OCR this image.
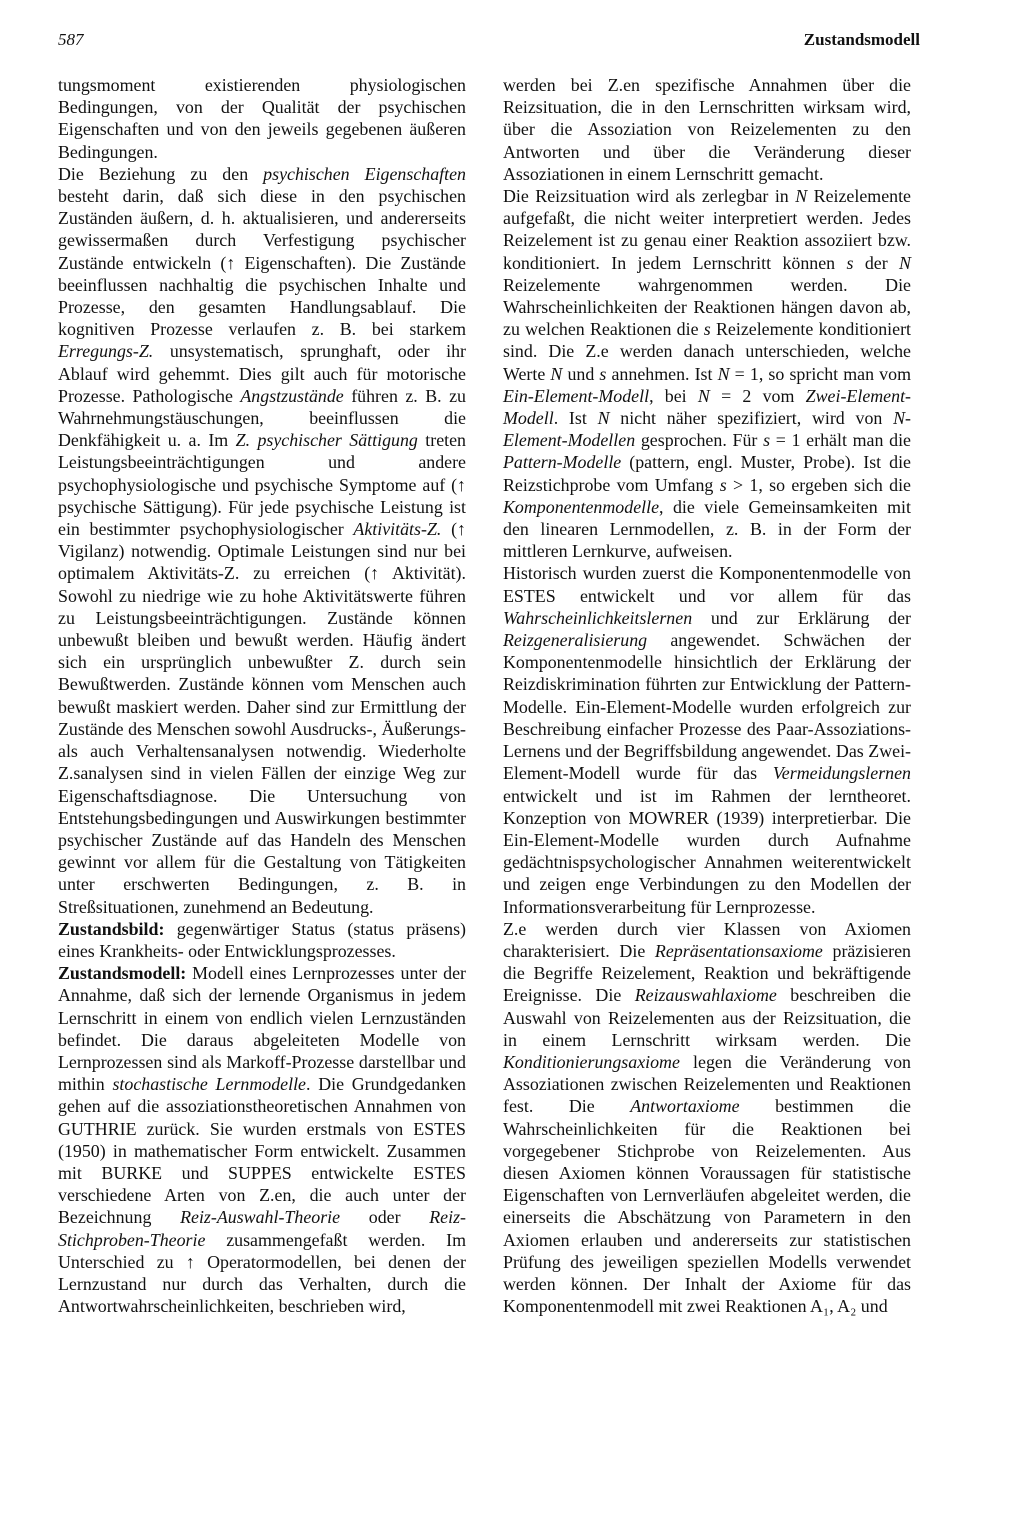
587	Zustandsmodell

tungsmoment existierenden physiologischen Bedingungen, von der Qualität der psychischen Eigenschaften und von den jeweils gegebenen äußeren Bedingungen.

Die Beziehung zu den psychischen Eigenschaften besteht darin, daß sich diese in den psychischen Zuständen äußern, d. h. aktualisieren, und andererseits gewissermaßen durch Verfestigung psychischer Zustände entwickeln (↑ Eigenschaften). Die Zustände beeinflussen nachhaltig die psychischen Inhalte und Prozesse, den gesamten Handlungsablauf. Die kognitiven Prozesse verlaufen z. B. bei starkem Erregungs-Z. unsystematisch, sprunghaft, oder ihr Ablauf wird gehemmt. Dies gilt auch für motorische Prozesse. Pathologische Angstzustände führen z. B. zu Wahrnehmungstäuschungen, beeinflussen die Denkfähigkeit u. a. Im Z. psychischer Sättigung treten Leistungsbeeinträchtigungen und andere psychophysiologische und psychische Symptome auf (↑ psychische Sättigung). Für jede psychische Leistung ist ein bestimmter psychophysiologischer Aktivitäts-Z. (↑ Vigilanz) notwendig. Optimale Leistungen sind nur bei optimalem Aktivitäts-Z. zu erreichen (↑ Aktivität). Sowohl zu niedrige wie zu hohe Aktivitätswerte führen zu Leistungsbeeinträchtigungen. Zustände können unbewußt bleiben und bewußt werden. Häufig ändert sich ein ursprünglich unbewußter Z. durch sein Bewußtwerden. Zustände können vom Menschen auch bewußt maskiert werden. Daher sind zur Ermittlung der Zustände des Menschen sowohl Ausdrucks-, Äußerungs- als auch Verhaltensanalysen notwendig. Wiederholte Z.sanalysen sind in vielen Fällen der einzige Weg zur Eigenschaftsdiagnose. Die Untersuchung von Entstehungsbedingungen und Auswirkungen bestimmter psychischer Zustände auf das Handeln des Menschen gewinnt vor allem für die Gestaltung von Tätigkeiten unter erschwerten Bedingungen, z. B. in Streßsituationen, zunehmend an Bedeutung.

Zustandsbild: gegenwärtiger Status (status präsens) eines Krankheits- oder Entwicklungsprozesses.

Zustandsmodell: Modell eines Lernprozesses unter der Annahme, daß sich der lernende Organismus in jedem Lernschritt in einem von endlich vielen Lernzuständen befindet. Die daraus abgeleiteten Modelle von Lernprozessen sind als Markoff-Prozesse darstellbar und mithin stochastische Lernmodelle. Die Grundgedanken gehen auf die assoziationstheoretischen Annahmen von GUTHRIE zurück. Sie wurden erstmals von ESTES (1950) in mathematischer Form entwickelt. Zusammen mit BURKE und SUPPES entwickelte ESTES verschiedene Arten von Z.en, die auch unter der Bezeichnung Reiz-Auswahl-Theorie oder Reiz-Stichproben-Theorie zusammengefaßt werden. Im Unterschied zu ↑ Operatormodellen, bei denen der Lernzustand nur durch das Verhalten, durch die Antwortwahrscheinlichkeiten, beschrieben wird,

werden bei Z.en spezifische Annahmen über die Reizsituation, die in den Lernschritten wirksam wird, über die Assoziation von Reizelementen zu den Antworten und über die Veränderung dieser Assoziationen in einem Lernschritt gemacht.

Die Reizsituation wird als zerlegbar in N Reizelemente aufgefaßt, die nicht weiter interpretiert werden. Jedes Reizelement ist zu genau einer Reaktion assoziiert bzw. konditioniert. In jedem Lernschritt können s der N Reizelemente wahrgenommen werden. Die Wahrscheinlichkeiten der Reaktionen hängen davon ab, zu welchen Reaktionen die s Reizelemente konditioniert sind. Die Z.e werden danach unterschieden, welche Werte N und s annehmen. Ist N = 1, so spricht man vom Ein-Element-Modell, bei N = 2 vom Zwei-Element-Modell. Ist N nicht näher spezifiziert, wird von N-Element-Modellen gesprochen. Für s = 1 erhält man die Pattern-Modelle (pattern, engl. Muster, Probe). Ist die Reizstichprobe vom Umfang s > 1, so ergeben sich die Komponentenmodelle, die viele Gemeinsamkeiten mit den linearen Lernmodellen, z. B. in der Form der mittleren Lernkurve, aufweisen.

Historisch wurden zuerst die Komponentenmodelle von ESTES entwickelt und vor allem für das Wahrscheinlichkeitslernen und zur Erklärung der Reizgeneralisierung angewendet. Schwächen der Komponentenmodelle hinsichtlich der Erklärung der Reizdiskrimination führten zur Entwicklung der Pattern-Modelle. Ein-Element-Modelle wurden erfolgreich zur Beschreibung einfacher Prozesse des Paar-Assoziations-Lernens und der Begriffsbildung angewendet. Das Zwei-Element-Modell wurde für das Vermeidungslernen entwickelt und ist im Rahmen der lerntheoret. Konzeption von MOWRER (1939) interpretierbar. Die Ein-Element-Modelle wurden durch Aufnahme gedächtnispsychologischer Annahmen weiterentwickelt und zeigen enge Verbindungen zu den Modellen der Informationsverarbeitung für Lernprozesse.

Z.e werden durch vier Klassen von Axiomen charakterisiert. Die Repräsentationsaxiome präzisieren die Begriffe Reizelement, Reaktion und bekräftigende Ereignisse. Die Reizauswahlaxiome beschreiben die Auswahl von Reizelementen aus der Reizsituation, die in einem Lernschritt wirksam werden. Die Konditionierungsaxiome legen die Veränderung von Assoziationen zwischen Reizelementen und Reaktionen fest. Die Antwortaxiome bestimmen die Wahrscheinlichkeiten für die Reaktionen bei vorgegebener Stichprobe von Reizelementen. Aus diesen Axiomen können Voraussagen für statistische Eigenschaften von Lernverläufen abgeleitet werden, die einerseits die Abschätzung von Parametern in den Axiomen erlauben und andererseits zur statistischen Prüfung des jeweiligen speziellen Modells verwendet werden können. Der Inhalt der Axiome für das Komponentenmodell mit zwei Reaktionen A₁, A₂ und
